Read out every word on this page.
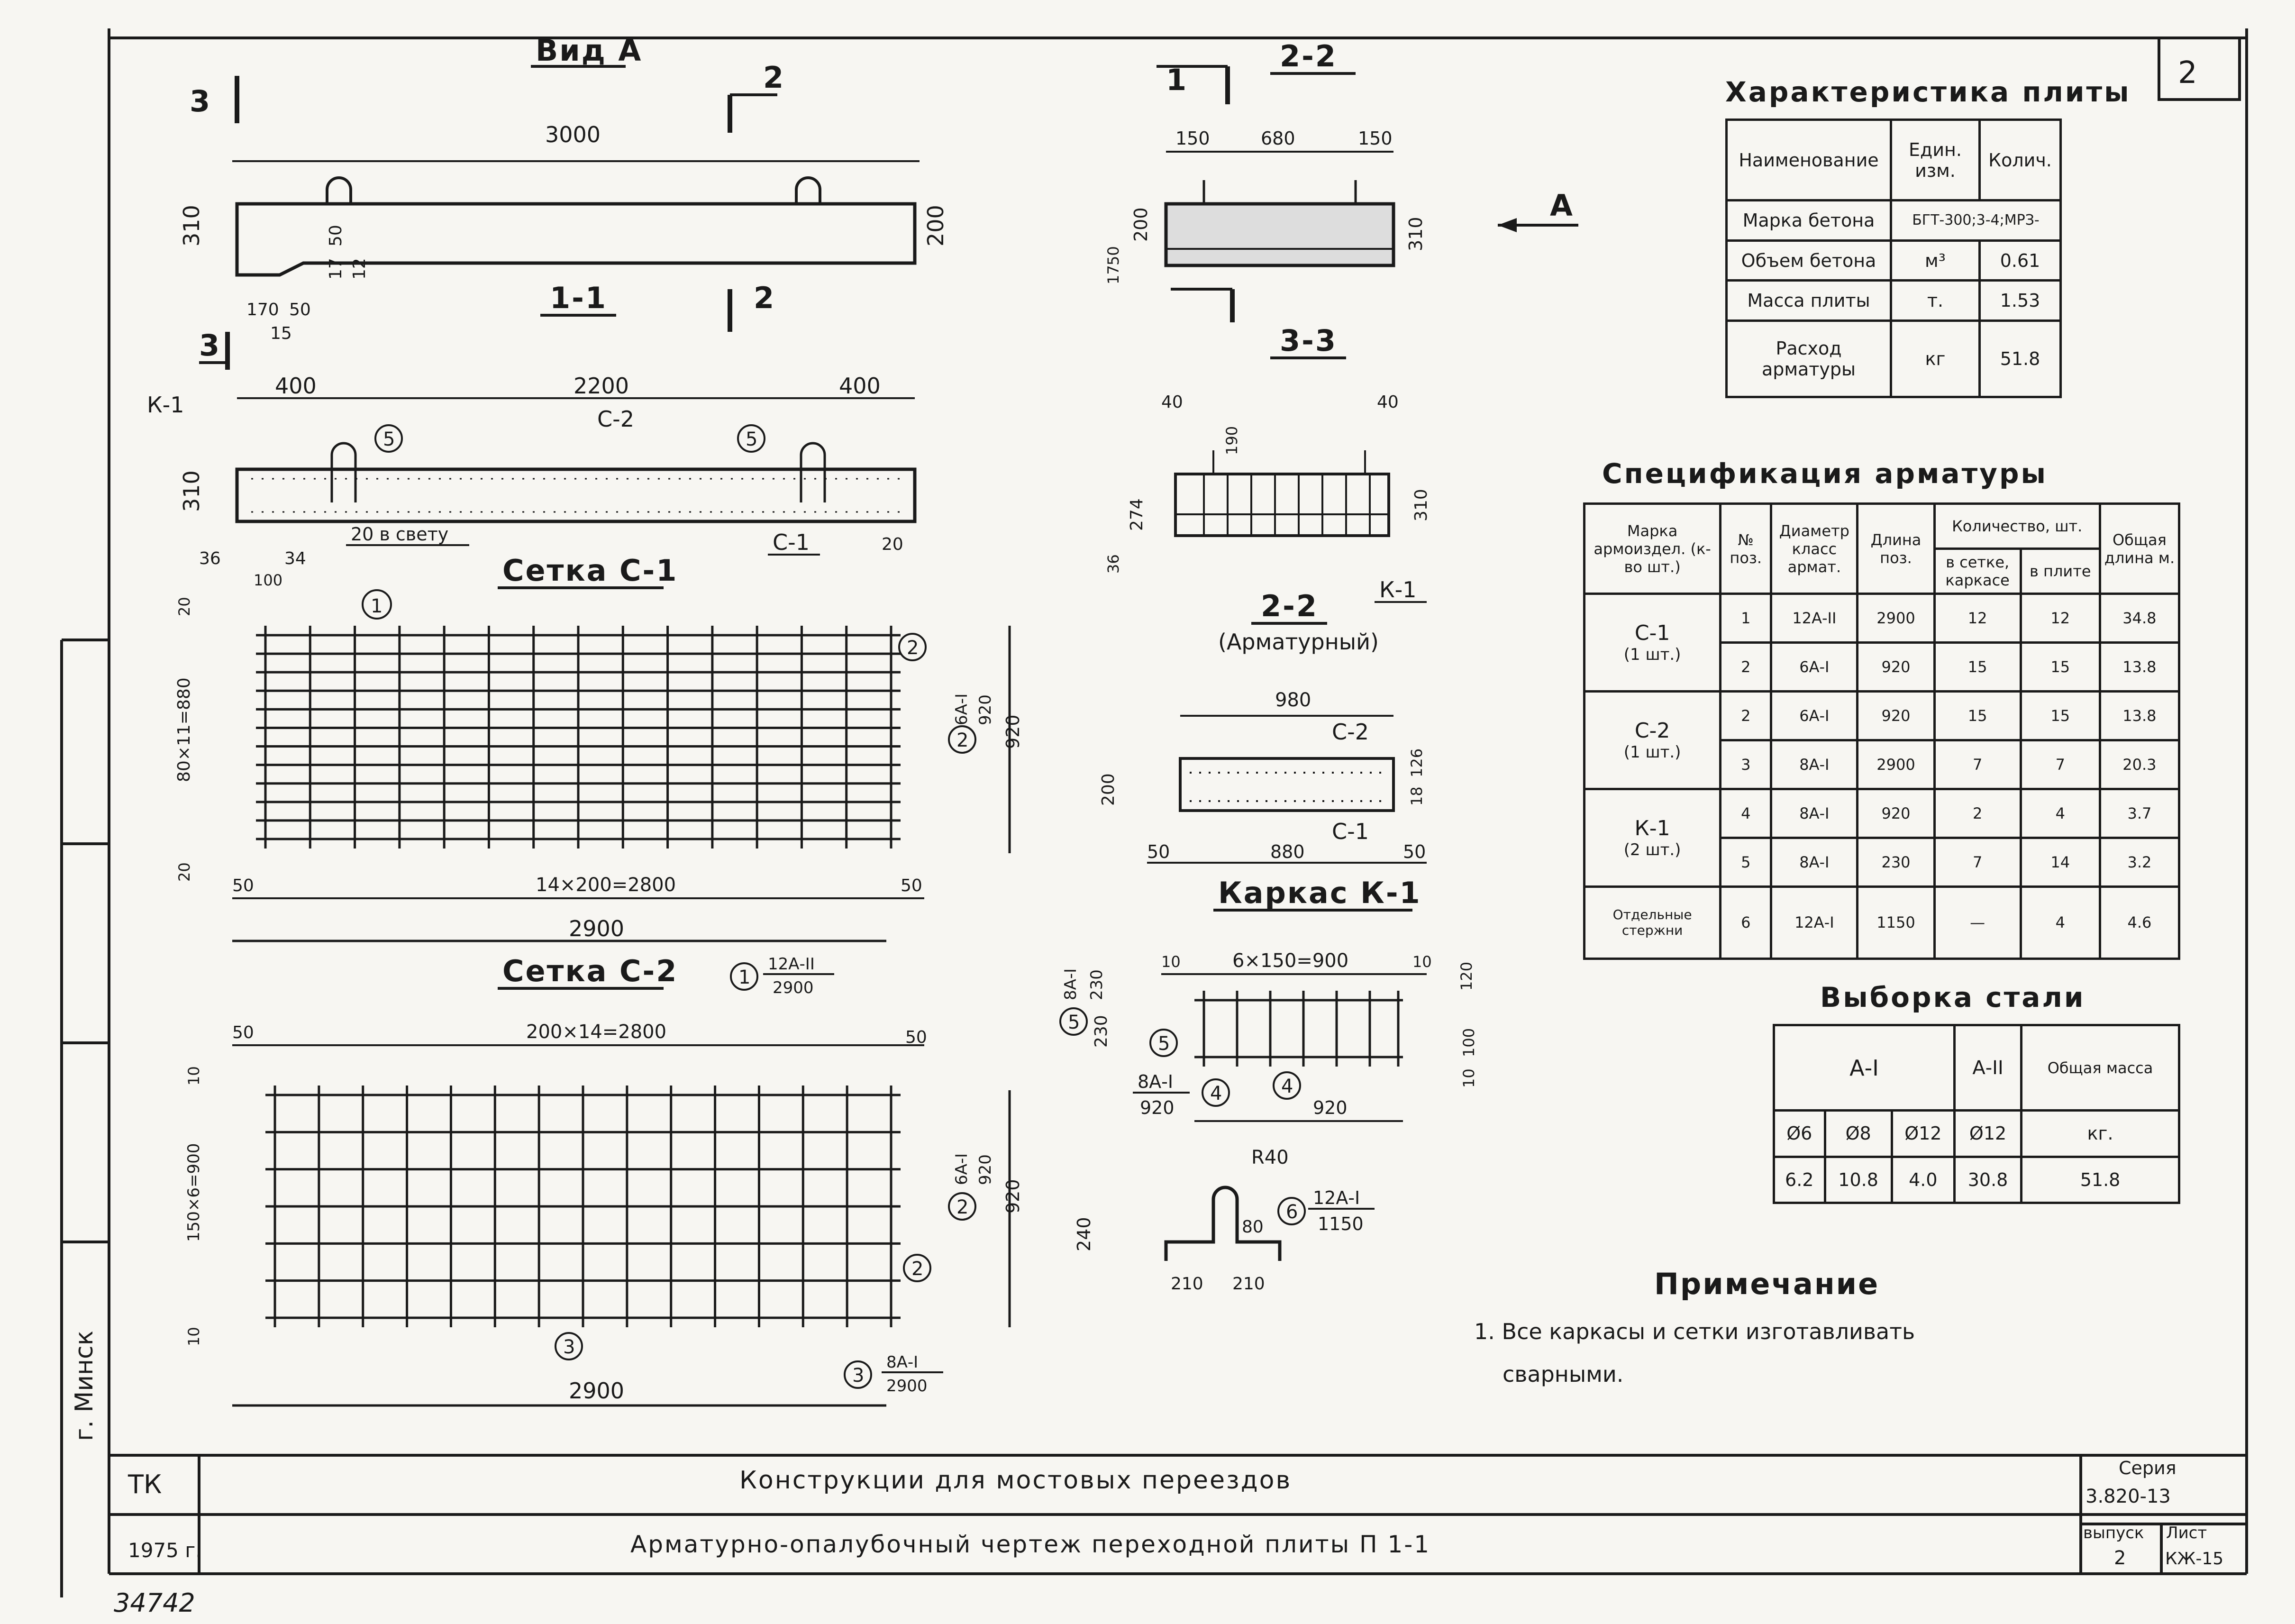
Вид А
3
2
3000
310	200
50
17 12
170 50
15
А
1-1	2
3
400	2200	400
К-1
С-2
5	5
310
20 в свету	С-1	20
36	34
100
1
2-2
150	680	150
200	310
50
17
3-3
40	40
190
274	310
36
2-2
(Арматурный)
К-1
980
С-2
200
126
18
С-1
50	880	50
Каркас К-1
6×150=900
10	10 120
230	100
10
5
8А-I 230
5
8А-I
920
4	4
920
R40
240	80
210 210
6
12А-I
1150
Сетка С-1
1
2
2
6А-I 920
920
80×11=880
20
20
14×200=2800
50	50
2900
Сетка С-2	1
12А-II
2900
200×14=2800
50	50
10
10
150×6=900	2
2
6А-I 920
920
3
3
8А-I
2900
2900
Примечание
1. Все каркасы и сетки изготавливать
сварными.
2
ТК
1975 г.
Конструкции для мостовых переездов
Арматурно-опалубочный чертеж переходной плиты П 1-1
Серия
3.820-13
выпуск
2
Лист
КЖ-15
34742
г. Минск
Характеристика плиты
Наименование	Един. изм.	Колич.
Марка бетона	БГТ-300;3-4;МРЗ-	
Объем бетона	м³	0.61
Масса плиты	т.	1.53
Расход арматуры	кг	51.8
Спецификация арматуры
Марка армоиздел. (к-во шт.)	№ поз.	Диаметр класс армат.	Длина поз.	Количество, шт.		Общая длина м.
				в сетке, каркасе	в плите	

С-1
(1 шт.)	1	12А-II	2900	12	12	34.8
	2	6А-I	920	15	15	13.8

С-2
(1 шт.)	2	6А-I	920	15	15	13.8
	3	8А-I	2900	7	7	20.3

К-1
(2 шт.)	4	8А-I	920	2	4	3.7
	5	8А-I	230	7	14	3.2
Отдельные стержни	6	12А-I	1150	—	4	4.6
Выборка стали
А-I			А-II	Общая масса
Ø6	Ø8	Ø12	Ø12	кг.
6.2	10.8	4.0	30.8	51.8
